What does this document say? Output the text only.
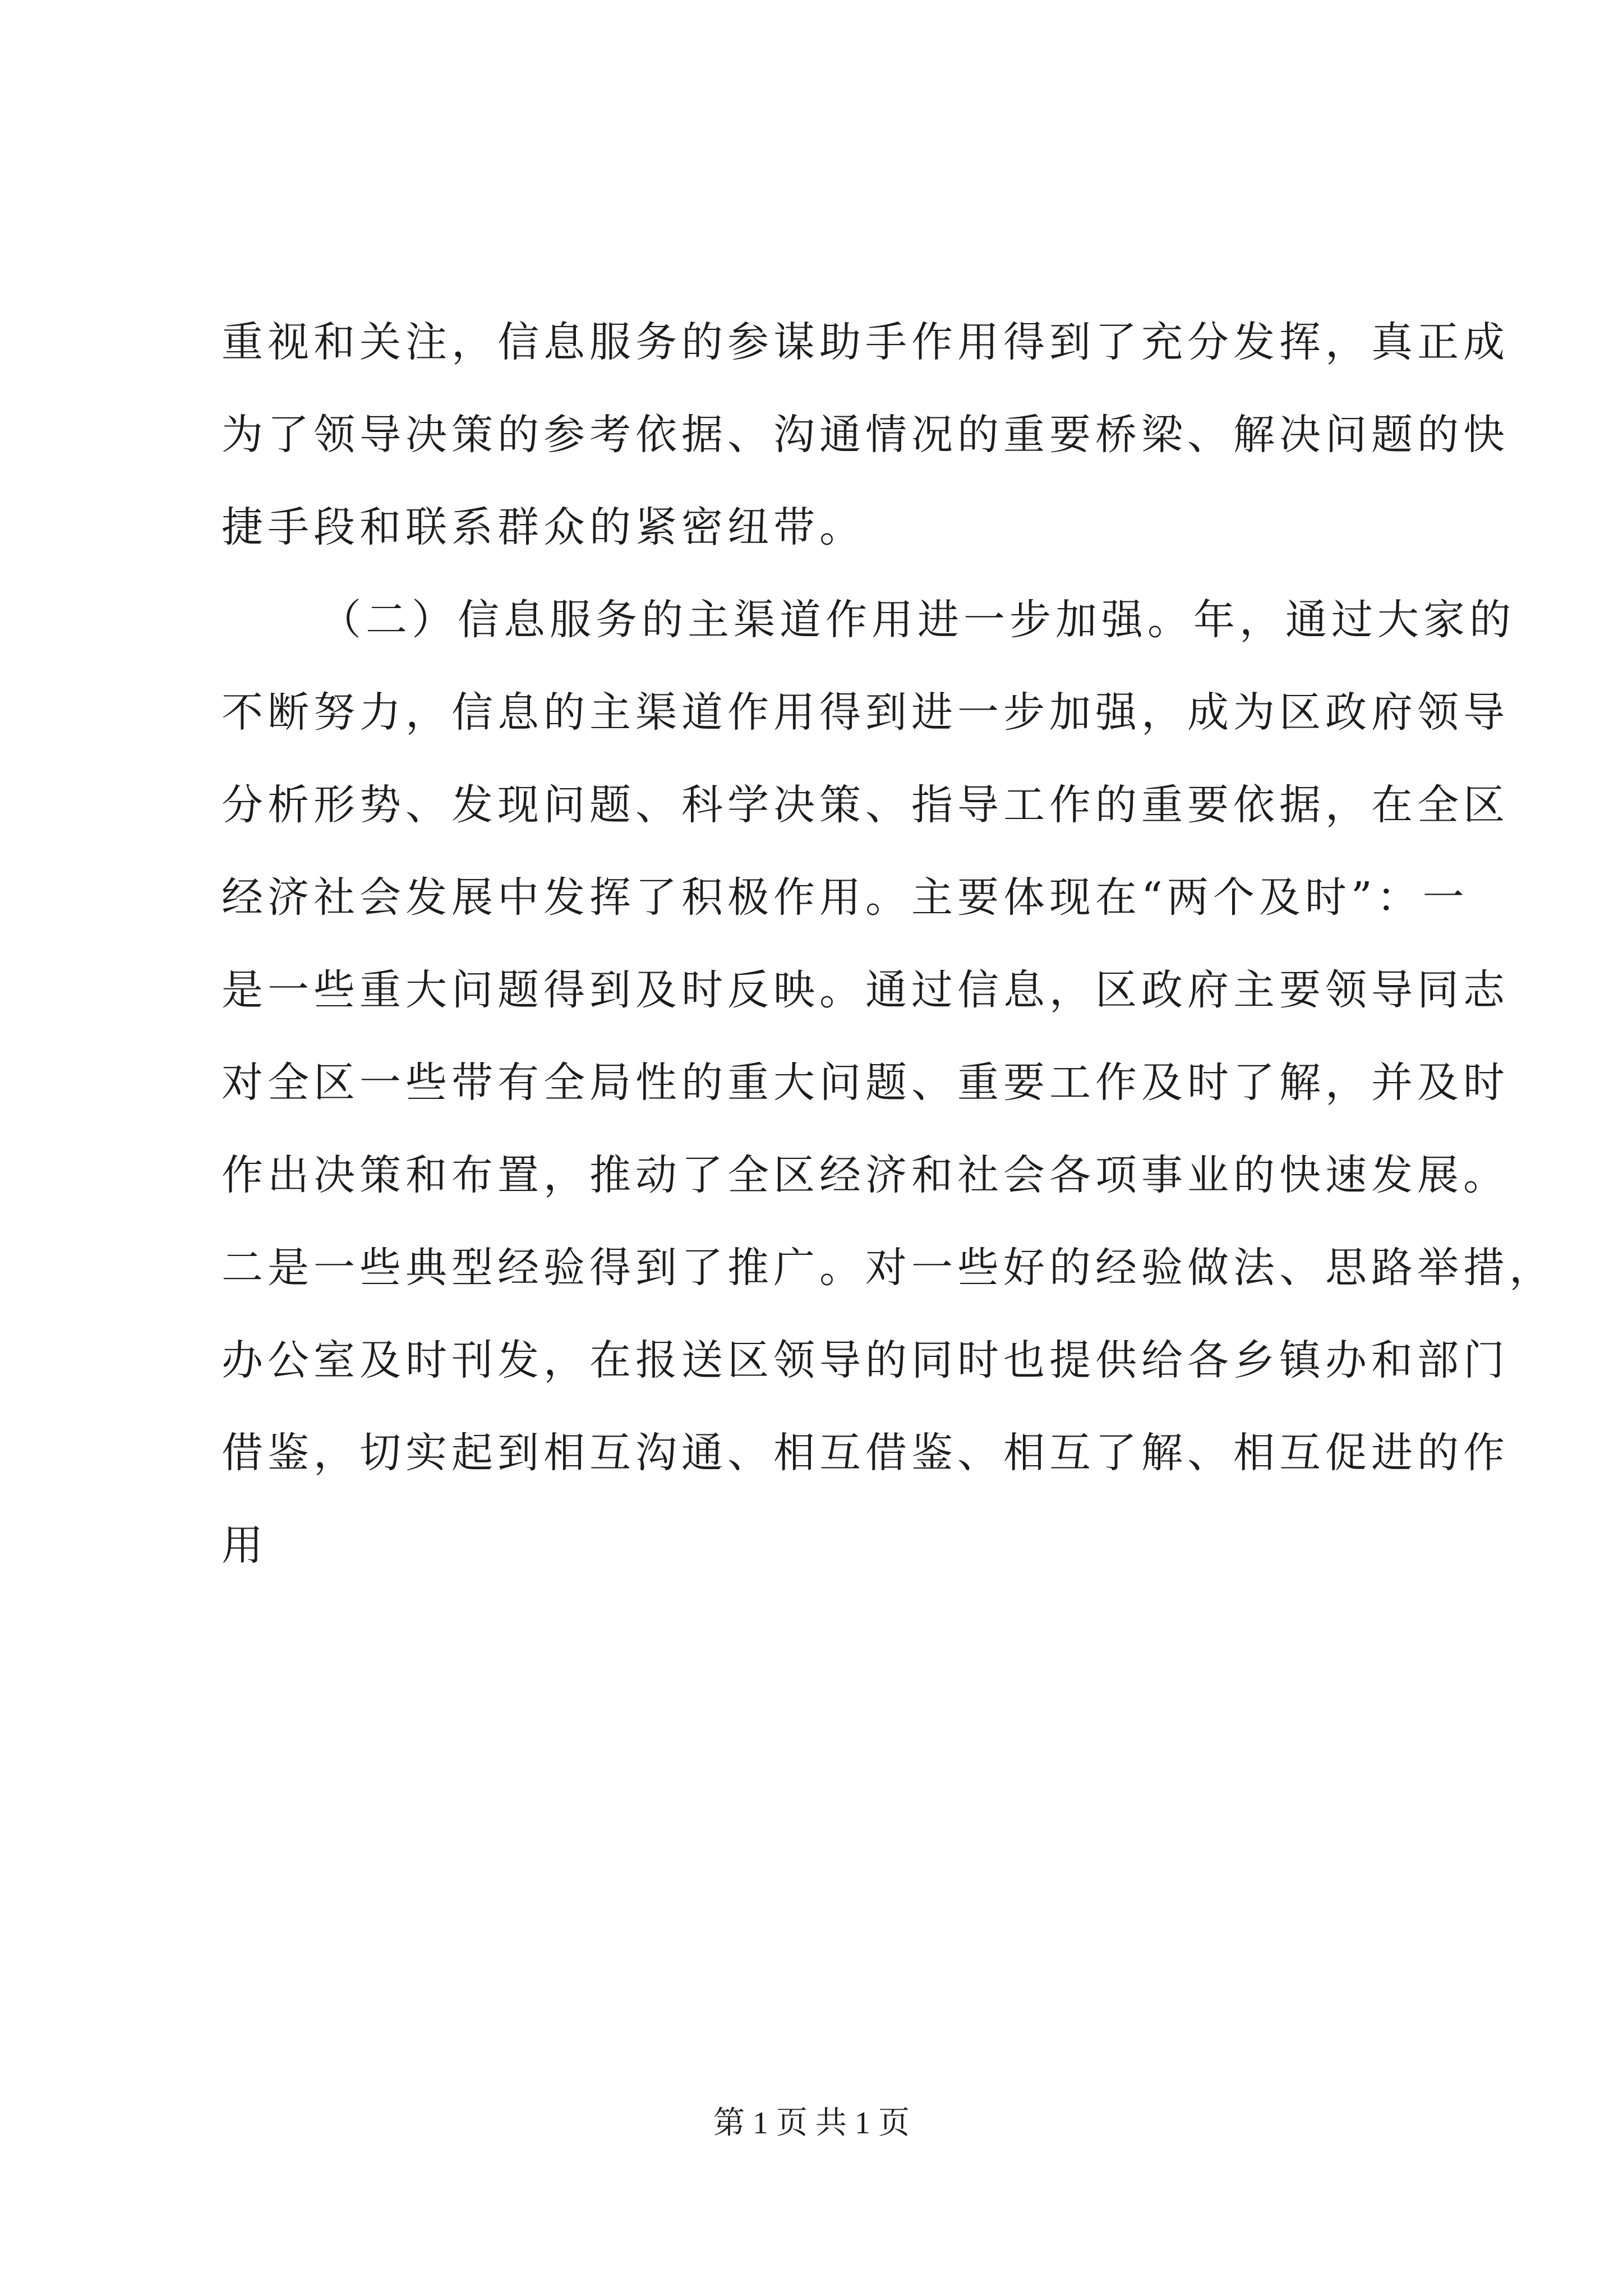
重视和关注，信息服务的参谋助手作用得到了充分发挥，真正成
为了领导决策的参考依据、沟通情况的重要桥梁、解决问题的快
捷手段和联系群众的紧密纽带。
（二）信息服务的主渠道作用进一步加强。年，通过大家的
不断努力，信息的主渠道作用得到进一步加强，成为区政府领导
分析形势、发现问题、科学决策、指导工作的重要依据，在全区
经济社会发展中发挥了积极作用。主要体现在“两个及时”：一
是一些重大问题得到及时反映。通过信息，区政府主要领导同志
对全区一些带有全局性的重大问题、重要工作及时了解，并及时
作出决策和布置，推动了全区经济和社会各项事业的快速发展。
二是一些典型经验得到了推广。对一些好的经验做法、思路举措，
办公室及时刊发，在报送区领导的同时也提供给各乡镇办和部门
借鉴，切实起到相互沟通、相互借鉴、相互了解、相互促进的作
用
第 1 页 共 1 页
